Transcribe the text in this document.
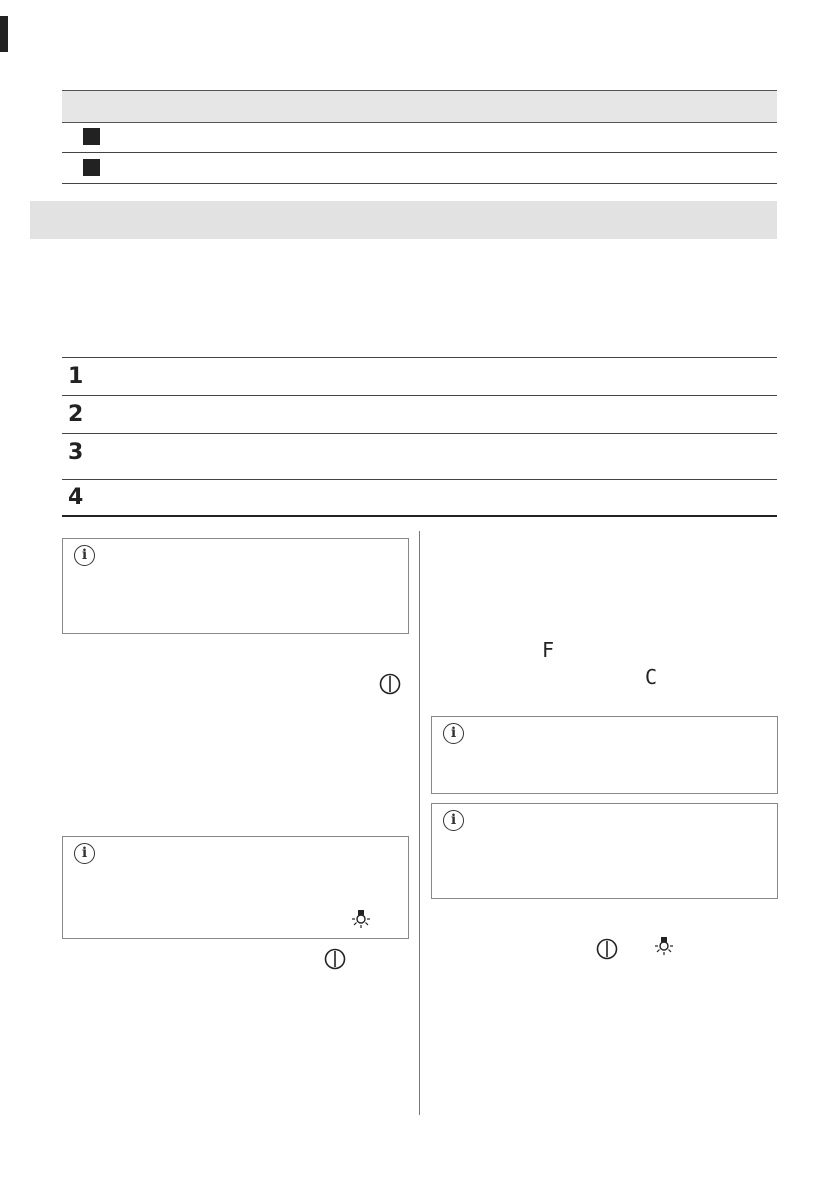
1
2
3
4
i
i
F
C
i
i
